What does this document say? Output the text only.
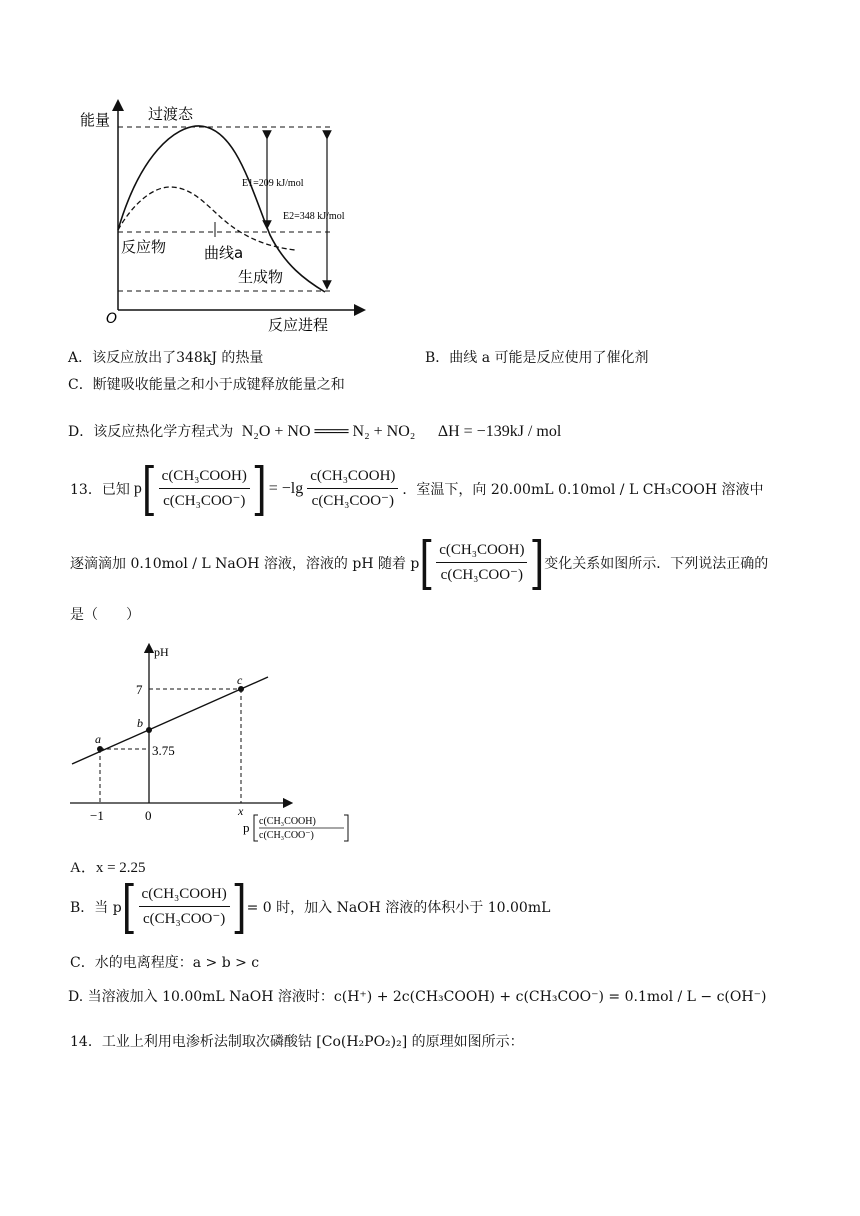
能量	过渡态
反应物	曲线a
生成物
反应进程
O
E1=209 kJ/mol
E2=348 kJ/mol
A．该反应放出了348kJ 的热量	B．曲线 a 可能是反应使用了催化剂
C．断键吸收能量之和小于成键释放能量之和
D．该反应热化学方程式为 N₂O + NO ═══ N₂ + NO₂ ΔH = −139kJ / mol
13．已知 p [ $\frac{\text{c(CH₃COOH)}}{\text{c(CH₃COO⁻)}}$ ] = $-\lg \frac{\text{c(CH₃COOH)}}{\text{c(CH₃COO⁻)}}$ ．室温下，向 20.00mL 0.10mol / L CH₃COOH 溶液中
逐滴滴加 0.10mol / L NaOH 溶液，溶液的 pH 随着 p [ $\frac{\text{c(CH₃COOH)}}{\text{c(CH₃COO⁻)}}$ ] 变化关系如图所示．下列说法正确的
是（　　）
pH
7
3.75
a
b
c
−1	0	x
p c(CH₃COOH)
c(CH₃COO⁻)
A．x = 2.25
B．当 p [ $\frac{\text{c(CH₃COOH)}}{\text{c(CH₃COO⁻)}}$ ] = 0 时，加入 NaOH 溶液的体积小于 10.00mL
C．水的电离程度：a > b > c
D. 当溶液加入 10.00mL NaOH 溶液时：c(H⁺) + 2c(CH₃COOH) + c(CH₃COO⁻) = 0.1mol / L − c(OH⁻)
14．工业上利用电渗析法制取次磷酸钴 [Co(H₂PO₂)₂] 的原理如图所示：
